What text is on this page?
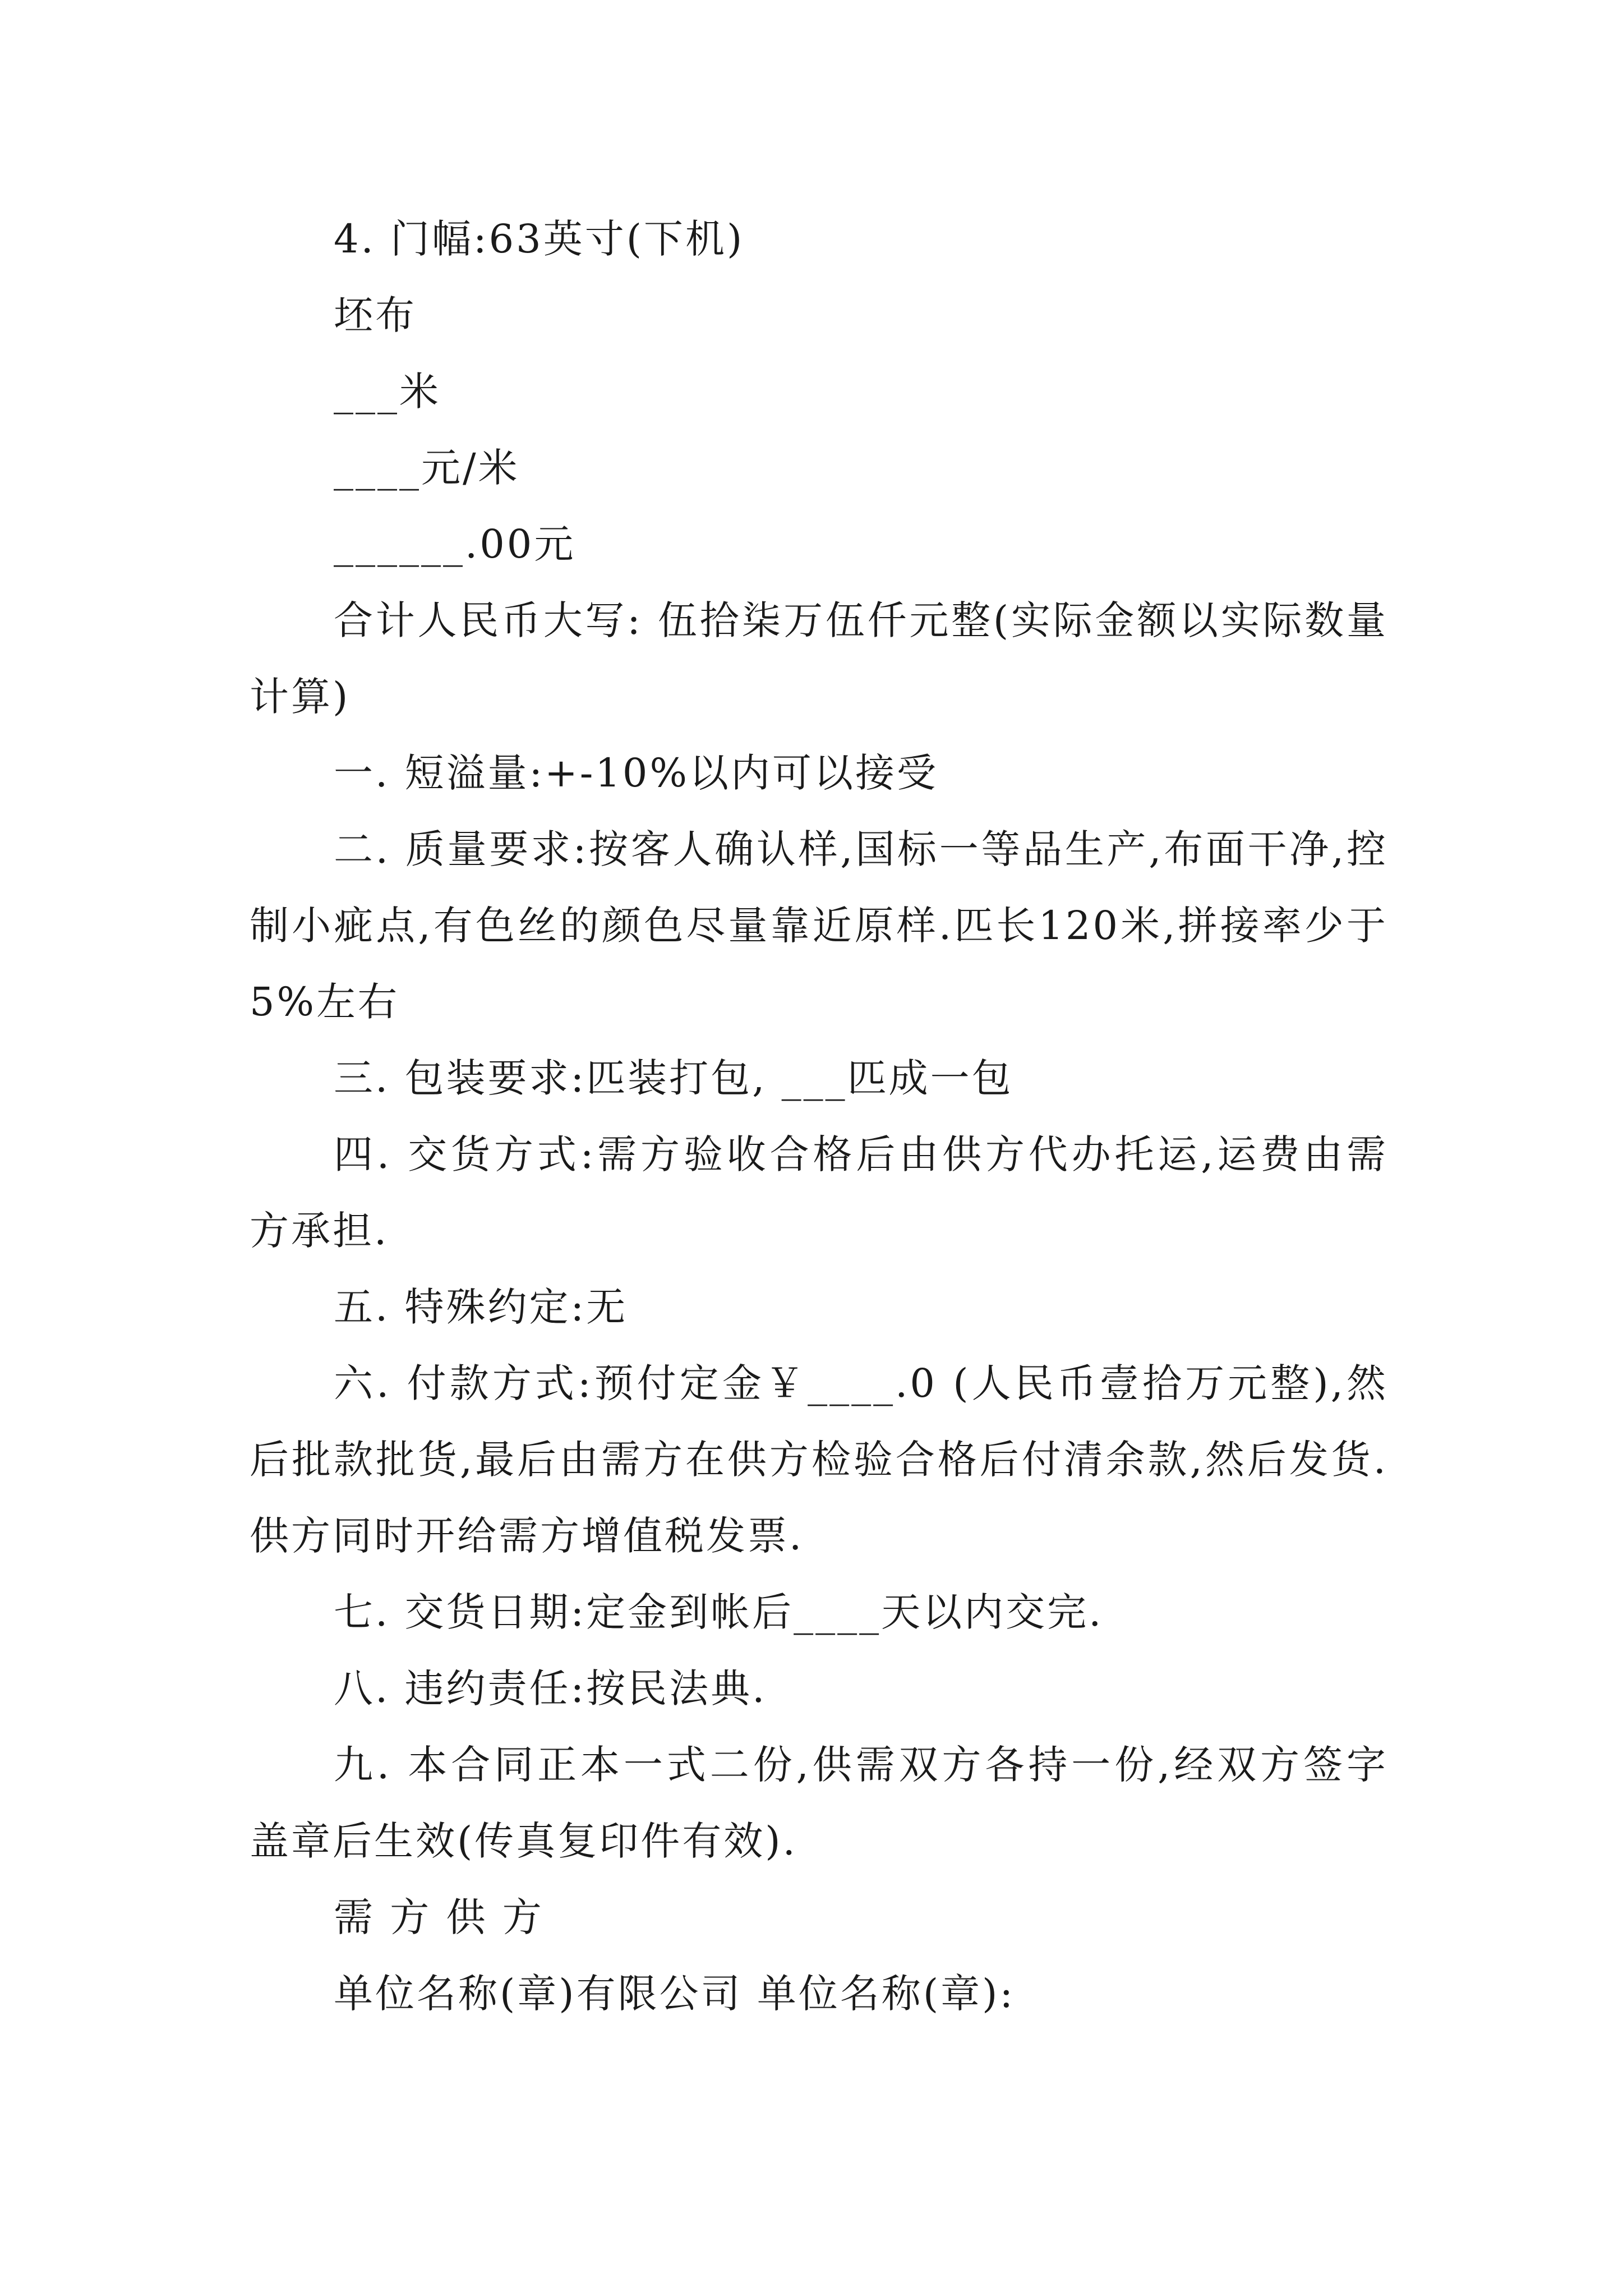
4. 门幅:63英寸(下机)

坯布

___米

____元/米

______.00元

合计人民币大写: 伍拾柒万伍仟元整(实际金额以实际数量计算)

一. 短溢量:+-10%以内可以接受

二. 质量要求:按客人确认样,国标一等品生产,布面干净,控制小疵点,有色丝的颜色尽量靠近原样.匹长120米,拼接率少于5%左右

三. 包装要求:匹装打包, ___匹成一包

四. 交货方式:需方验收合格后由供方代办托运,运费由需方承担.

五. 特殊约定:无

六. 付款方式:预付定金￥____.0 (人民币壹拾万元整),然后批款批货,最后由需方在供方检验合格后付清余款,然后发货.供方同时开给需方增值税发票.

七. 交货日期:定金到帐后____天以内交完.

八. 违约责任:按民法典.

九. 本合同正本一式二份,供需双方各持一份,经双方签字盖章后生效(传真复印件有效).

需 方 供 方

单位名称(章)有限公司 单位名称(章):
